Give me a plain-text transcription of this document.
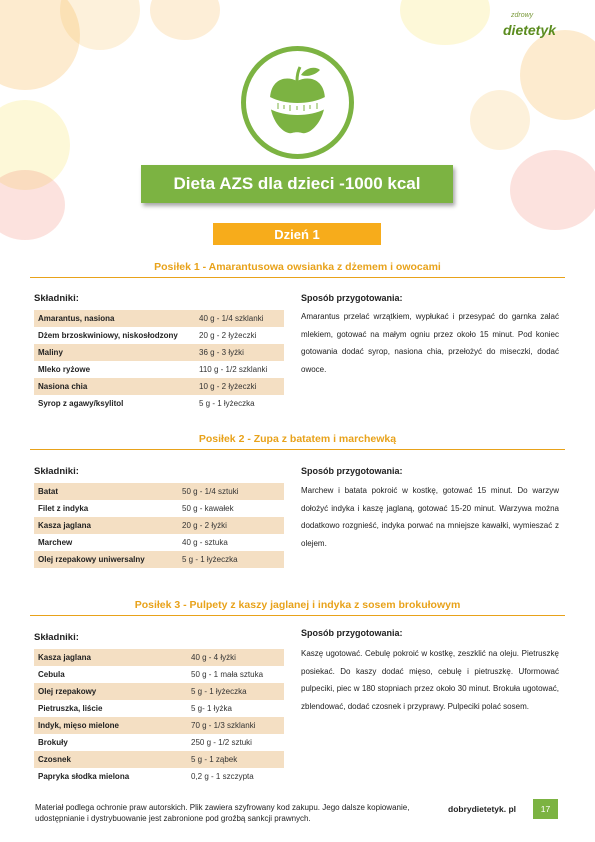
zdrowy
dietetyk
Dieta AZS dla dzieci -1000 kcal
Dzień 1
Posiłek 1 - Amarantusowa owsianka z dżemem i owocami
Składniki:	Sposób przygotowania:
Amarantus, nasiona	40 g - 1/4 szklanki
Dżem brzoskwiniowy, niskosłodzony	20 g - 2 łyżeczki
Maliny	36 g - 3 łyżki
Mleko ryżowe	110 g - 1/2 szklanki
Nasiona chia	10 g - 2 łyżeczki
Syrop z agawy/ksylitol	5 g - 1 łyżeczka
Amarantus przelać wrzątkiem, wypłukać i przesypać do garnka zalać mlekiem, gotować na małym ogniu przez około 15 minut. Pod koniec gotowania dodać syrop, nasiona chia, przełożyć do miseczki, dodać owoce.
Posiłek 2 - Zupa z batatem i marchewką
Składniki:	Sposób przygotowania:
Batat	50 g - 1/4 sztuki
Filet z indyka	50 g - kawałek
Kasza jaglana	20 g - 2 łyżki
Marchew	40 g - sztuka
Olej rzepakowy uniwersalny	5 g - 1 łyżeczka
Marchew i batata pokroić w kostkę, gotować 15 minut. Do warzyw dołożyć indyka i kaszę jaglaną, gotować 15-20 minut. Warzywa można dodatkowo rozgnieść, indyka porwać na mniejsze kawałki, wymieszać z olejem.
Posiłek 3 - Pulpety z kaszy jaglanej i indyka z sosem brokułowym
Składniki:	Sposób przygotowania:
Kasza jaglana	40 g - 4 łyżki
Cebula	50 g - 1 mała sztuka
Olej rzepakowy	5 g - 1 łyżeczka
Pietruszka, liście	5 g- 1 łyżka
Indyk, mięso mielone	70 g - 1/3 szklanki
Brokuły	250 g - 1/2 sztuki
Czosnek	5 g - 1 ząbek
Papryka słodka mielona	0,2 g - 1 szczypta
Kaszę ugotować. Cebulę pokroić w kostkę, zeszklić na oleju. Pietruszkę posiekać. Do kaszy dodać mięso, cebulę i pietruszkę. Uformować pulpeciki, piec w 180 stopniach przez około 30 minut. Brokuła ugotować, zblendować, dodać czosnek i przyprawy. Pulpeciki polać sosem.
Materiał podlega ochronie praw autorskich. Plik zawiera szyfrowany kod zakupu. Jego dalsze kopiowanie, udostępnianie i dystrybuowanie jest zabronione pod groźbą sankcji prawnych.
dobrydietetyk. pl	17
